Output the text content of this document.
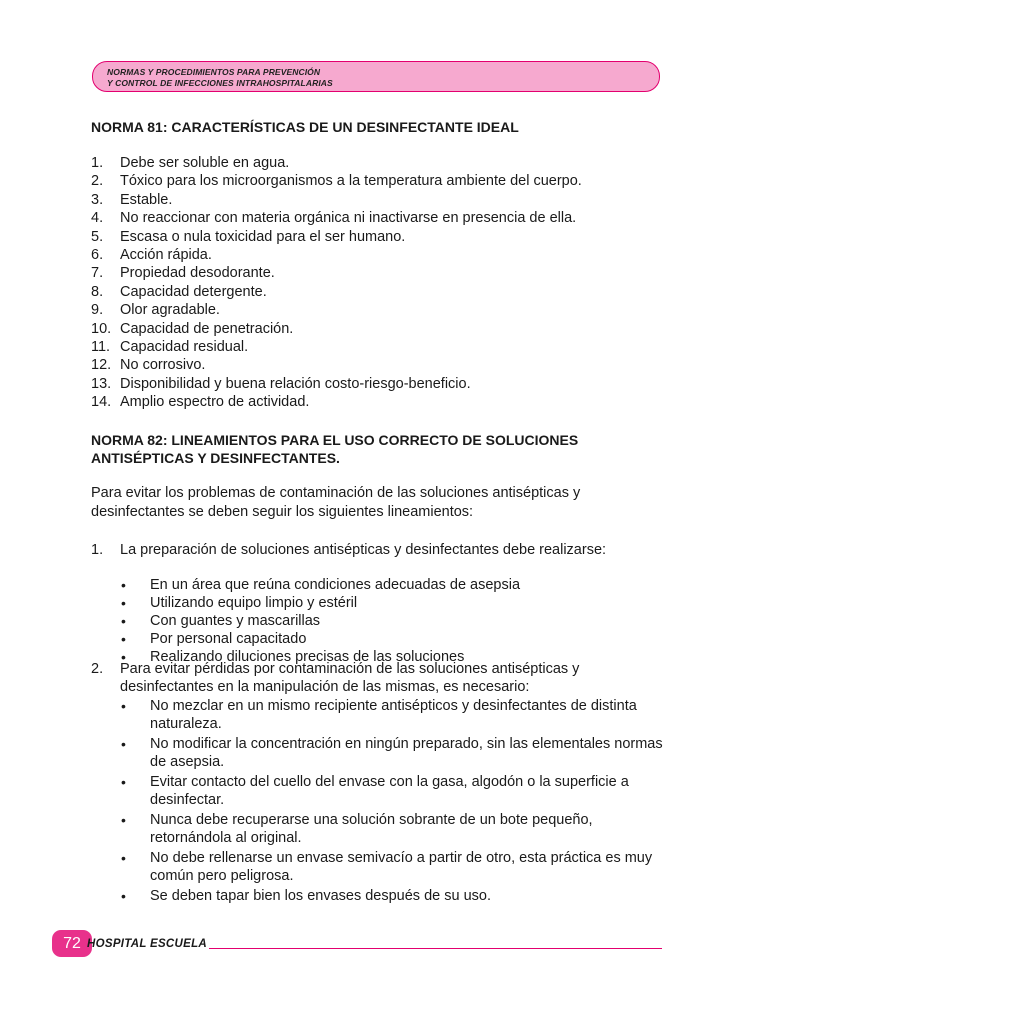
NORMAS Y PROCEDIMIENTOS PARA PREVENCIÓN
Y CONTROL DE INFECCIONES INTRAHOSPITALARIAS
NORMA 81: CARACTERÍSTICAS DE UN DESINFECTANTE IDEAL
1. Debe ser soluble en agua.
2. Tóxico para los microorganismos a la temperatura ambiente del cuerpo.
3. Estable.
4. No reaccionar con materia orgánica ni inactivarse en presencia de ella.
5. Escasa o nula toxicidad para el ser humano.
6. Acción rápida.
7. Propiedad desodorante.
8. Capacidad detergente.
9. Olor agradable.
10. Capacidad de penetración.
11. Capacidad residual.
12. No corrosivo.
13. Disponibilidad y buena relación costo-riesgo-beneficio.
14. Amplio espectro de actividad.
NORMA 82: LINEAMIENTOS PARA EL USO CORRECTO DE SOLUCIONES
ANTISÉPTICAS Y DESINFECTANTES.
Para evitar los problemas de contaminación de las soluciones antisépticas y desinfectantes se deben seguir los siguientes lineamientos:
1. La preparación de soluciones antisépticas y desinfectantes debe realizarse:
• En un área que reúna condiciones adecuadas de asepsia
• Utilizando equipo limpio y estéril
• Con guantes y mascarillas
• Por personal capacitado
• Realizando diluciones precisas de las soluciones
2. Para evitar pérdidas por contaminación de las soluciones antisépticas y desinfectantes en la manipulación de las mismas, es necesario:
• No mezclar en un mismo recipiente antisépticos y desinfectantes de distinta naturaleza.
• No modificar la concentración en ningún preparado, sin las elementales normas de asepsia.
• Evitar contacto del cuello del envase con la gasa, algodón o la superficie a desinfectar.
• Nunca debe recuperarse una solución sobrante de un bote pequeño, retornándola al original.
• No debe rellenarse un envase semivacío a partir de otro, esta práctica es muy común pero peligrosa.
• Se deben tapar bien los envases después de su uso.
72 HOSPITAL ESCUELA
